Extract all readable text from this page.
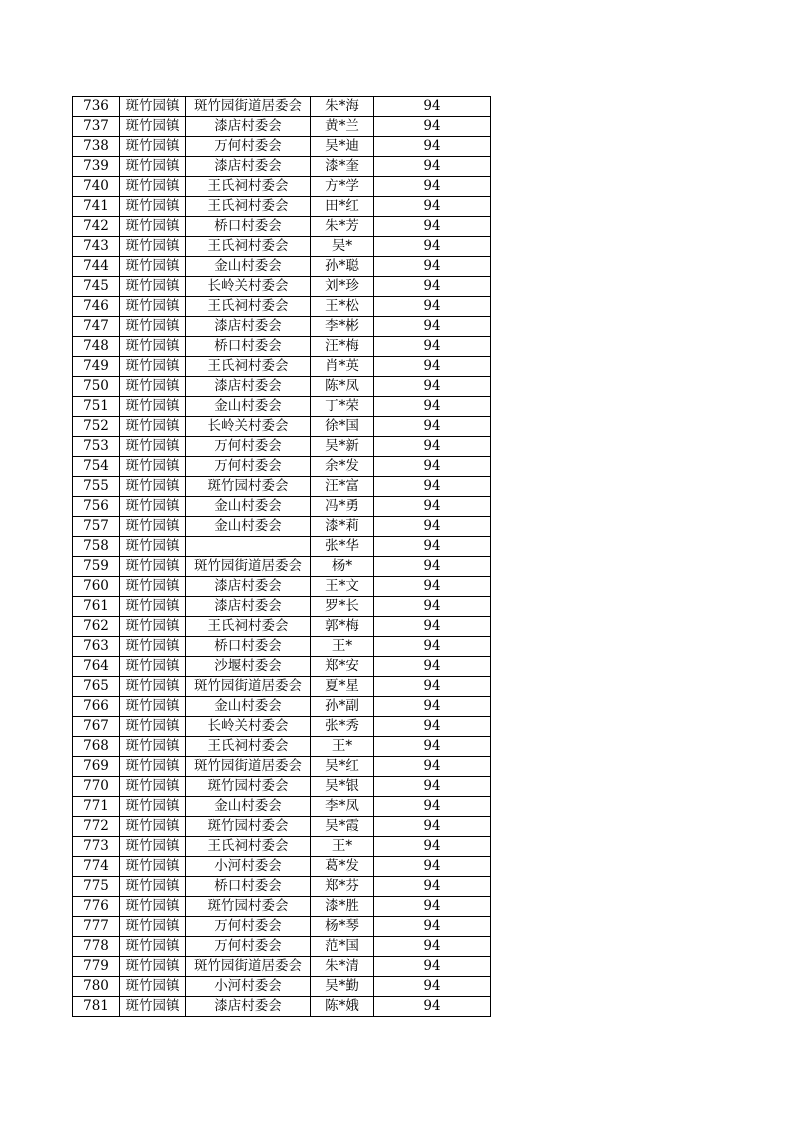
736	斑竹园镇	斑竹园街道居委会	朱*海	94
737	斑竹园镇	漆店村委会	黄*兰	94
738	斑竹园镇	万何村委会	吴*迪	94
739	斑竹园镇	漆店村委会	漆*奎	94
740	斑竹园镇	王氏祠村委会	方*学	94
741	斑竹园镇	王氏祠村委会	田*红	94
742	斑竹园镇	桥口村委会	朱*芳	94
743	斑竹园镇	王氏祠村委会	吴*	94
744	斑竹园镇	金山村委会	孙*聪	94
745	斑竹园镇	长岭关村委会	刘*珍	94
746	斑竹园镇	王氏祠村委会	王*松	94
747	斑竹园镇	漆店村委会	李*彬	94
748	斑竹园镇	桥口村委会	汪*梅	94
749	斑竹园镇	王氏祠村委会	肖*英	94
750	斑竹园镇	漆店村委会	陈*凤	94
751	斑竹园镇	金山村委会	丁*荣	94
752	斑竹园镇	长岭关村委会	徐*国	94
753	斑竹园镇	万何村委会	吴*新	94
754	斑竹园镇	万何村委会	余*发	94
755	斑竹园镇	斑竹园村委会	汪*富	94
756	斑竹园镇	金山村委会	冯*勇	94
757	斑竹园镇	金山村委会	漆*莉	94
758	斑竹园镇		张*华	94
759	斑竹园镇	斑竹园街道居委会	杨*	94
760	斑竹园镇	漆店村委会	王*文	94
761	斑竹园镇	漆店村委会	罗*长	94
762	斑竹园镇	王氏祠村委会	郭*梅	94
763	斑竹园镇	桥口村委会	王*	94
764	斑竹园镇	沙堰村委会	郑*安	94
765	斑竹园镇	斑竹园街道居委会	夏*星	94
766	斑竹园镇	金山村委会	孙*副	94
767	斑竹园镇	长岭关村委会	张*秀	94
768	斑竹园镇	王氏祠村委会	王*	94
769	斑竹园镇	斑竹园街道居委会	吴*红	94
770	斑竹园镇	斑竹园村委会	吴*银	94
771	斑竹园镇	金山村委会	李*凤	94
772	斑竹园镇	斑竹园村委会	吴*霞	94
773	斑竹园镇	王氏祠村委会	王*	94
774	斑竹园镇	小河村委会	葛*发	94
775	斑竹园镇	桥口村委会	郑*芬	94
776	斑竹园镇	斑竹园村委会	漆*胜	94
777	斑竹园镇	万何村委会	杨*琴	94
778	斑竹园镇	万何村委会	范*国	94
779	斑竹园镇	斑竹园街道居委会	朱*清	94
780	斑竹园镇	小河村委会	吴*勤	94
781	斑竹园镇	漆店村委会	陈*娥	94
